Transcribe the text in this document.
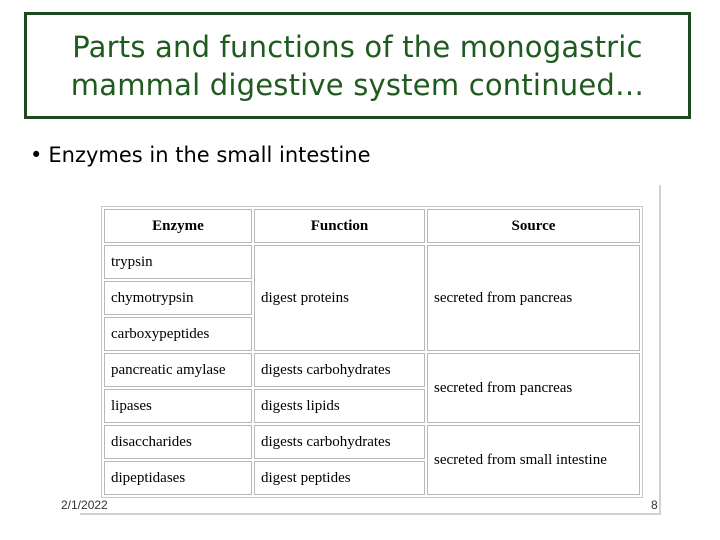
Parts and functions of the monogastric
mammal digestive system continued…
• Enzymes in the small intestine
Enzyme	Function	Source
trypsin	digest proteins	secreted from pancreas
chymotrypsin		
carboxypeptides		
pancreatic amylase	digests carbohydrates	secreted from pancreas
lipases	digests lipids	
disaccharides	digests carbohydrates	secreted from small intestine
dipeptidases	digest peptides	
2/1/2022	8
